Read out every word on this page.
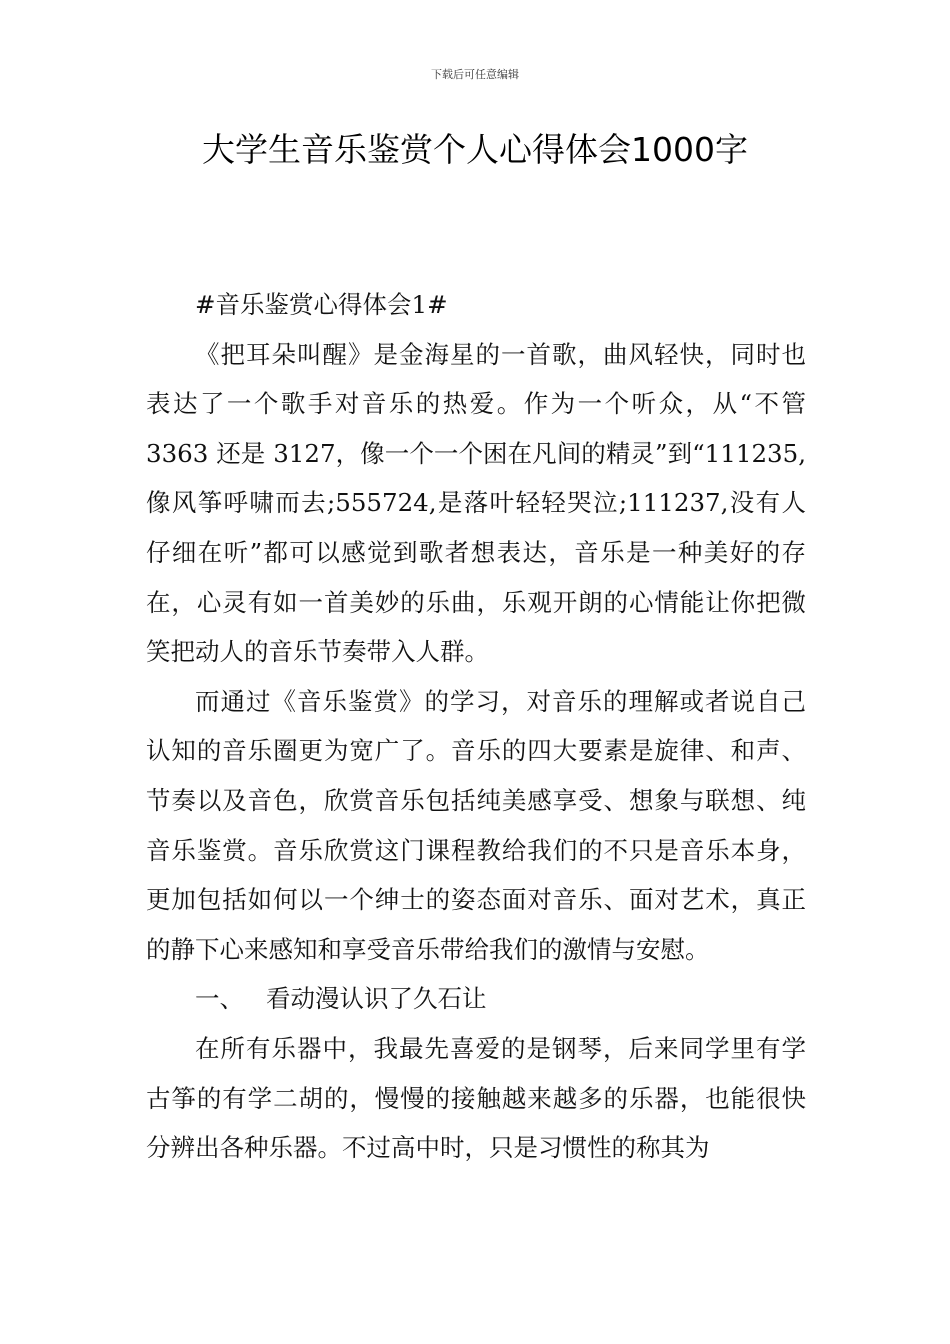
下载后可任意编辑
大学生音乐鉴赏个人心得体会1000字

#音乐鉴赏心得体会1#

《把耳朵叫醒》是金海星的一首歌，曲风轻快，同时也表达了一个歌手对音乐的热爱。作为一个听众，从“不管 3363 还是 3127，像一个一个困在凡间的精灵”到“111235,像风筝呼啸而去;555724,是落叶轻轻哭泣;111237,没有人仔细在听”都可以感觉到歌者想表达，音乐是一种美好的存在，心灵有如一首美妙的乐曲，乐观开朗的心情能让你把微笑把动人的音乐节奏带入人群。

而通过《音乐鉴赏》的学习，对音乐的理解或者说自己认知的音乐圈更为宽广了。音乐的四大要素是旋律、和声、节奏以及音色，欣赏音乐包括纯美感享受、想象与联想、纯音乐鉴赏。音乐欣赏这门课程教给我们的不只是音乐本身，更加包括如何以一个绅士的姿态面对音乐、面对艺术，真正的静下心来感知和享受音乐带给我们的激情与安慰。

一、 看动漫认识了久石让

在所有乐器中，我最先喜爱的是钢琴，后来同学里有学古筝的有学二胡的，慢慢的接触越来越多的乐器，也能很快分辨出各种乐器。不过高中时，只是习惯性的称其为
